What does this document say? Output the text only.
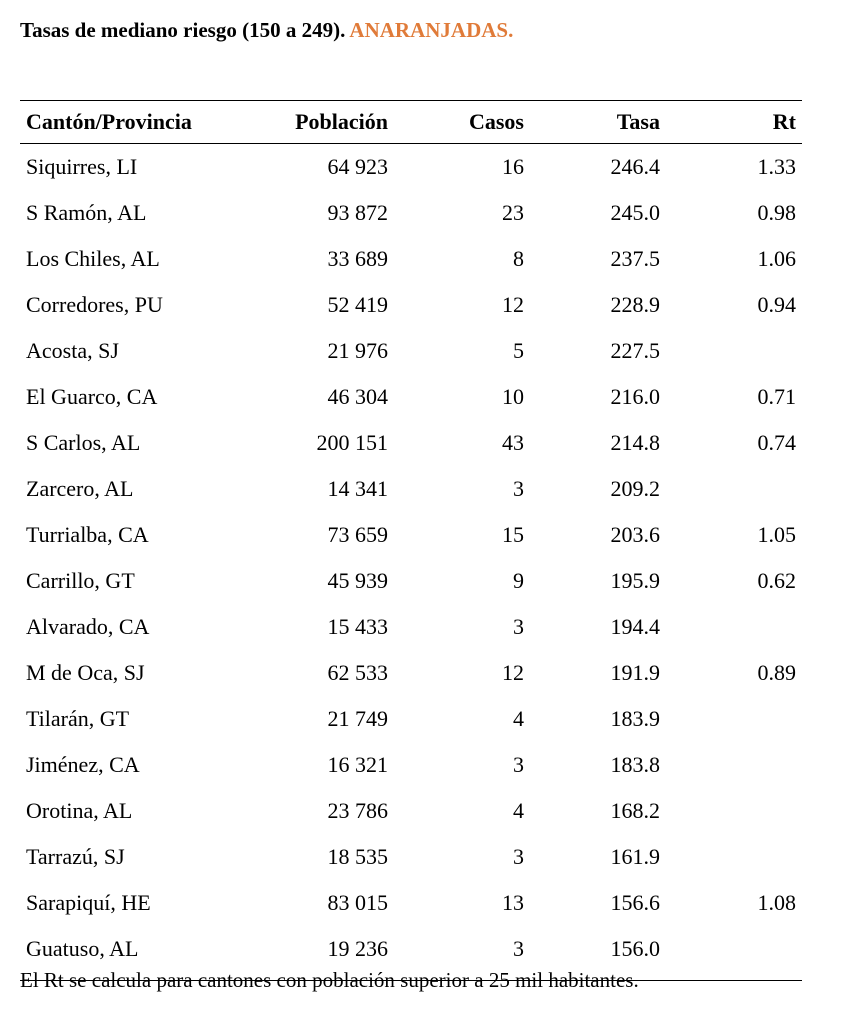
Tasas de mediano riesgo (150 a 249). ANARANJADAS.
Cantón/Provincia	Población	Casos	Tasa	Rt
Siquirres, LI	64 923	16	246.4	1.33
S Ramón, AL	93 872	23	245.0	0.98
Los Chiles, AL	33 689	8	237.5	1.06
Corredores, PU	52 419	12	228.9	0.94
Acosta, SJ	21 976	5	227.5
El Guarco, CA	46 304	10	216.0	0.71
S Carlos, AL	200 151	43	214.8	0.74
Zarcero, AL	14 341	3	209.2
Turrialba, CA	73 659	15	203.6	1.05
Carrillo, GT	45 939	9	195.9	0.62
Alvarado, CA	15 433	3	194.4
M de Oca, SJ	62 533	12	191.9	0.89
Tilarán, GT	21 749	4	183.9
Jiménez, CA	16 321	3	183.8
Orotina, AL	23 786	4	168.2
Tarrazú, SJ	18 535	3	161.9
Sarapiquí, HE	83 015	13	156.6	1.08
Guatuso, AL	19 236	3	156.0
El Rt se calcula para cantones con población superior a 25 mil habitantes.
